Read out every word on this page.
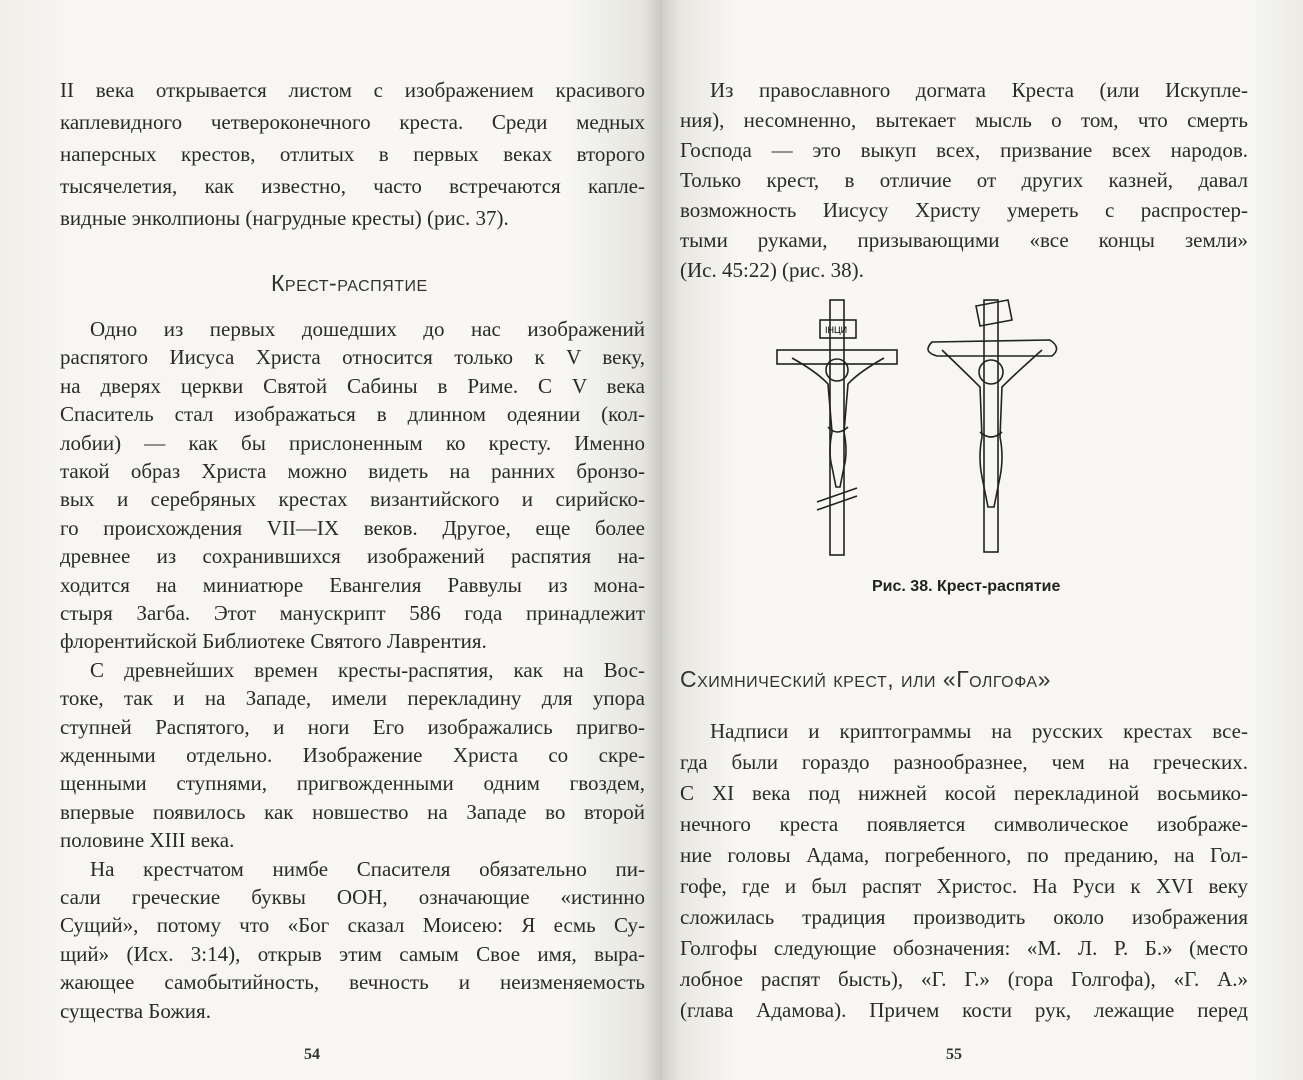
Крест-распятие
54
II века открывается листом с изображением красивого
каплевидного четвероконечного креста. Среди медных
наперсных крестов, отлитых в первых веках второго
тысячелетия, как известно, часто встречаются капле-
видные энколпионы (нагрудные кресты) (рис. 37).
Одно из первых дошедших до нас изображений
распятого Иисуса Христа относится только к V веку,
на дверях церкви Святой Сабины в Риме. С V века
Спаситель стал изображаться в длинном одеянии (кол-
лобии) — как бы прислоненным ко кресту. Именно
такой образ Христа можно видеть на ранних бронзо-
вых и серебряных крестах византийского и сирийско-
го происхождения VII—IX веков. Другое, еще более
древнее из сохранившихся изображений распятия на-
ходится на миниатюре Евангелия Раввулы из мона-
стыря Загба. Этот манускрипт 586 года принадлежит
флорентийской Библиотеке Святого Лаврентия.
С древнейших времен кресты-распятия, как на Вос-
токе, так и на Западе, имели перекладину для упора
ступней Распятого, и ноги Его изображались пригво-
жденными отдельно. Изображение Христа со скре-
щенными ступнями, пригвожденными одним гвоздем,
впервые появилось как новшество на Западе во второй
половине XIII века.
На крестчатом нимбе Спасителя обязательно пи-
сали греческие буквы ООН, означающие «истинно
Сущий», потому что «Бог сказал Моисею: Я есмь Су-
щий» (Исх. 3:14), открыв этим самым Свое имя, выра-
жающее самобытийность, вечность и неизменяемость
существа Божия.
IНЦИ
Рис. 38. Крест-распятие
Схимнический крест, или «Голгофа»
55
Из православного догмата Креста (или Искупле-
ния), несомненно, вытекает мысль о том, что смерть
Господа — это выкуп всех, призвание всех народов.
Только крест, в отличие от других казней, давал
возможность Иисусу Христу умереть с распростер-
тыми руками, призывающими «все концы земли»
(Ис. 45:22) (рис. 38).
Надписи и криптограммы на русских крестах все-
гда были гораздо разнообразнее, чем на греческих.
С XI века под нижней косой перекладиной восьмико-
нечного креста появляется символическое изображе-
ние головы Адама, погребенного, по преданию, на Гол-
гофе, где и был распят Христос. На Руси к XVI веку
сложилась традиция производить около изображения
Голгофы следующие обозначения: «М. Л. Р. Б.» (место
лобное распят бысть), «Г. Г.» (гора Голгофа), «Г. А.»
(глава Адамова). Причем кости рук, лежащие перед
